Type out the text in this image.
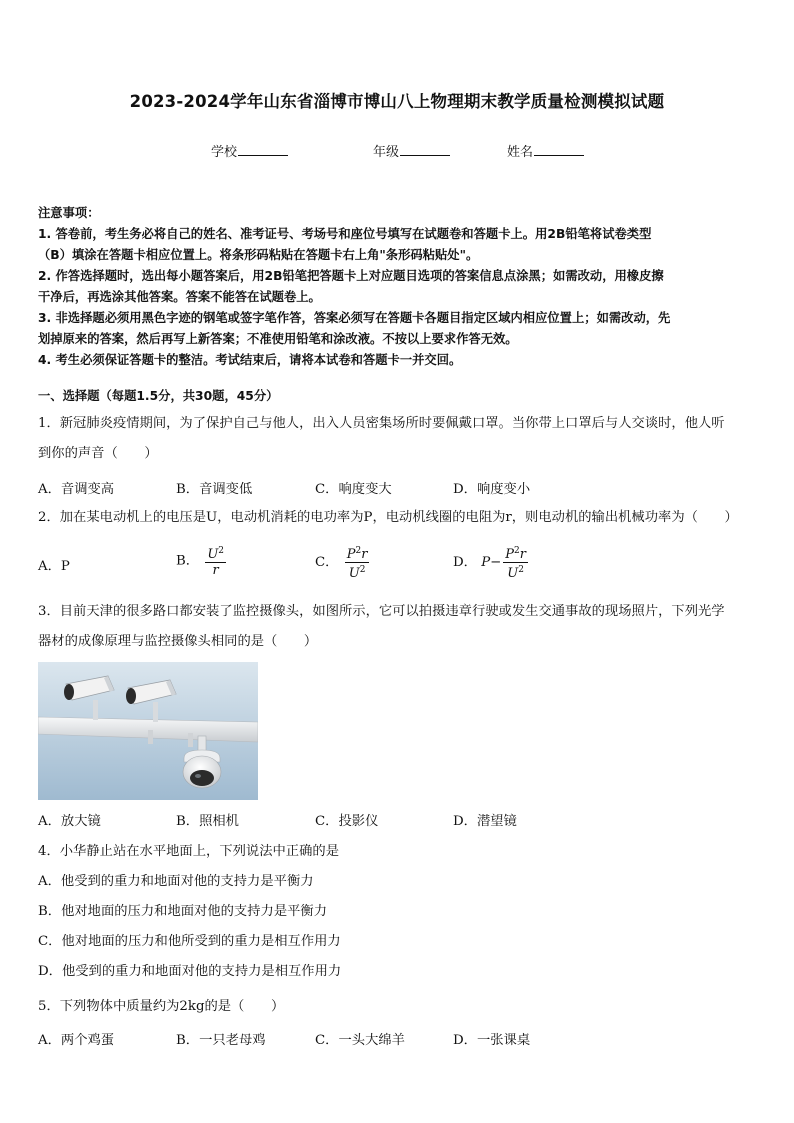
2023-2024学年山东省淄博市博山八上物理期末教学质量检测模拟试题
学校	年级	姓名

注意事项：

1. 答卷前，考生务必将自己的姓名、准考证号、考场号和座位号填写在试题卷和答题卡上。用2B铅笔将试卷类型

（B）填涂在答题卡相应位置上。将条形码粘贴在答题卡右上角"条形码粘贴处"。

2. 作答选择题时，选出每小题答案后，用2B铅笔把答题卡上对应题目选项的答案信息点涂黑；如需改动，用橡皮擦

干净后，再选涂其他答案。答案不能答在试题卷上。

3. 非选择题必须用黑色字迹的钢笔或签字笔作答，答案必须写在答题卡各题目指定区域内相应位置上；如需改动，先

划掉原来的答案，然后再写上新答案；不准使用铅笔和涂改液。不按以上要求作答无效。

4. 考生必须保证答题卡的整洁。考试结束后，请将本试卷和答题卡一并交回。

一、选择题（每题1.5分，共30题，45分）
1．新冠肺炎疫情期间，为了保护自己与他人，出入人员密集场所时要佩戴口罩。当你带上口罩后与人交谈时，他人听
到你的声音（　　）
A．音调变高	B．音调变低	C．响度变大	D．响度变小
2．加在某电动机上的电压是U，电动机消耗的电功率为P，电动机线圈的电阻为r，则电动机的输出机械功率为（　　）
A．P	B． $\frac{U^2}{r}$	C． $\frac{P^2r}{U^2}$	D． $P- \frac{P^2r}{U^2}$
3．目前天津的很多路口都安装了监控摄像头，如图所示，它可以拍摄违章行驶或发生交通事故的现场照片，下列光学
器材的成像原理与监控摄像头相同的是（　　）
A．放大镜	B．照相机	C．投影仪	D．潜望镜
4．小华静止站在水平地面上，下列说法中正确的是
A．他受到的重力和地面对他的支持力是平衡力
B．他对地面的压力和地面对他的支持力是平衡力
C．他对地面的压力和他所受到的重力是相互作用力
D．他受到的重力和地面对他的支持力是相互作用力
5．下列物体中质量约为2kg的是（　　）
A．两个鸡蛋	B．一只老母鸡	C．一头大绵羊	D．一张课桌
